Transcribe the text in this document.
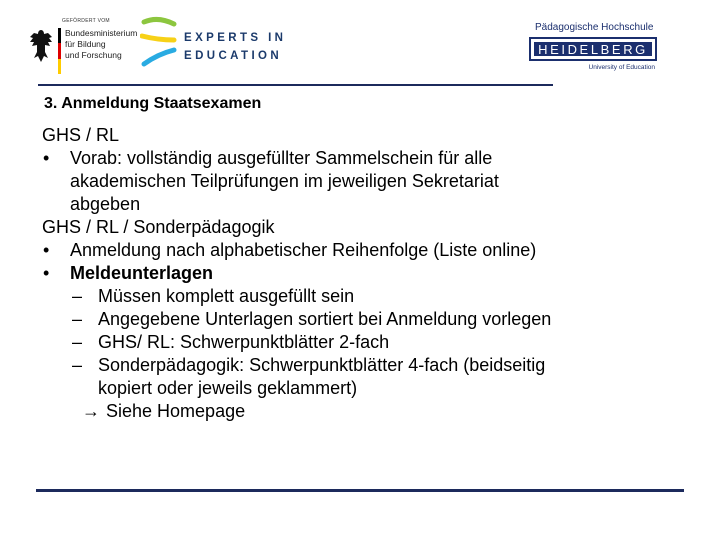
GEFÖRDERT VOM
Bundesministerium
für Bildung
und Forschung
EXPERTS IN
EDUCATION
Pädagogische Hochschule
HEIDELBERG
University of Education
3. Anmeldung Staatsexamen
GHS / RL
• Vorab: vollständig ausgefüllter Sammelschein für alle
akademischen Teilprüfungen im jeweiligen Sekretariat
abgeben
GHS / RL / Sonderpädagogik
• Anmeldung nach alphabetischer Reihenfolge (Liste online)
• Meldeunterlagen
– Müssen komplett ausgefüllt sein
– Angegebene Unterlagen sortiert bei Anmeldung vorlegen
– GHS/ RL: Schwerpunktblätter 2-fach
– Sonderpädagogik: Schwerpunktblätter 4-fach (beidseitig
kopiert oder jeweils geklammert)
→ Siehe Homepage
